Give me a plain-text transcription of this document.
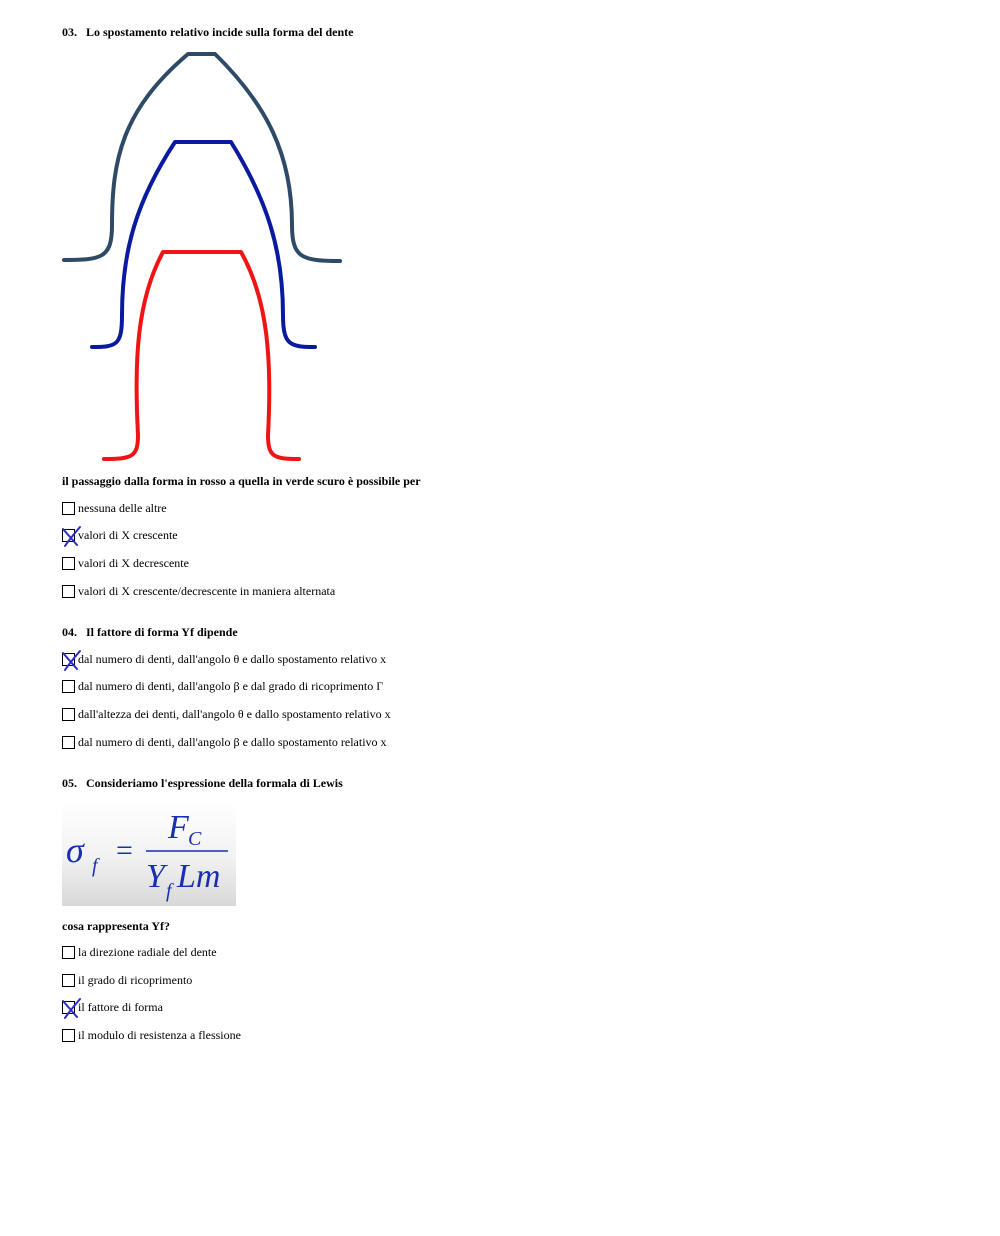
03. Lo spostamento relativo incide sulla forma del dente
il passaggio dalla forma in rosso a quella in verde scuro è possibile per
nessuna delle altre
valori di X crescente
valori di X decrescente
valori di X crescente/decrescente in maniera alternata
04. Il fattore di forma Yf dipende
dal numero di denti, dall'angolo θ e dallo spostamento relativo x
dal numero di denti, dall'angolo β e dal grado di ricoprimento Γ
dall'altezza dei denti, dall'angolo θ e dallo spostamento relativo x
dal numero di denti, dall'angolo β e dallo spostamento relativo x
05. Consideriamo l'espressione della formala di Lewis
σ f =
F C
Y f Lm
cosa rappresenta Yf?
la direzione radiale del dente
il grado di ricoprimento
il fattore di forma
il modulo di resistenza a flessione
